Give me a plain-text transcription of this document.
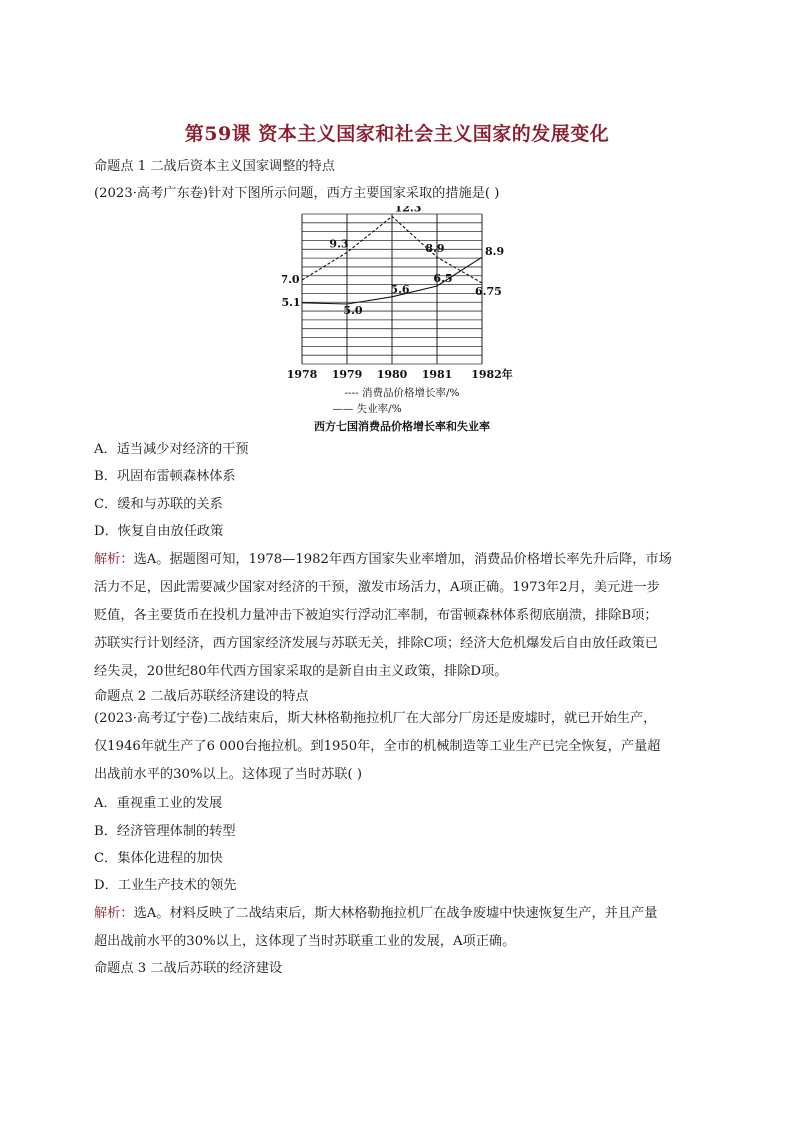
第59课 资本主义国家和社会主义国家的发展变化
命题点 1 二战后资本主义国家调整的特点
(2023·高考广东卷)针对下图所示问题，西方主要国家采取的措施是( )
7.0
9.3
12.3
8.9
6.75
5.1
5.0
5.6
6.5
8.9
1978 1979 1980 1981 1982年
---- 消费品价格增长率/%
—— 失业率/%
西方七国消费品价格增长率和失业率
A．适当减少对经济的干预
B．巩固布雷顿森林体系
C．缓和与苏联的关系
D．恢复自由放任政策
解析：选A。据题图可知，1978—1982年西方国家失业率增加，消费品价格增长率先升后降，市场
活力不足，因此需要减少国家对经济的干预，激发市场活力，A项正确。1973年2月，美元进一步
贬值，各主要货币在投机力量冲击下被迫实行浮动汇率制，布雷顿森林体系彻底崩溃，排除B项；
苏联实行计划经济，西方国家经济发展与苏联无关，排除C项；经济大危机爆发后自由放任政策已
经失灵，20世纪80年代西方国家采取的是新自由主义政策，排除D项。
命题点 2 二战后苏联经济建设的特点
(2023·高考辽宁卷)二战结束后，斯大林格勒拖拉机厂在大部分厂房还是废墟时，就已开始生产，
仅1946年就生产了6 000台拖拉机。到1950年，全市的机械制造等工业生产已完全恢复，产量超
出战前水平的30%以上。这体现了当时苏联( )
A．重视重工业的发展
B．经济管理体制的转型
C．集体化进程的加快
D．工业生产技术的领先
解析：选A。材料反映了二战结束后，斯大林格勒拖拉机厂在战争废墟中快速恢复生产，并且产量
超出战前水平的30%以上，这体现了当时苏联重工业的发展，A项正确。
命题点 3 二战后苏联的经济建设
